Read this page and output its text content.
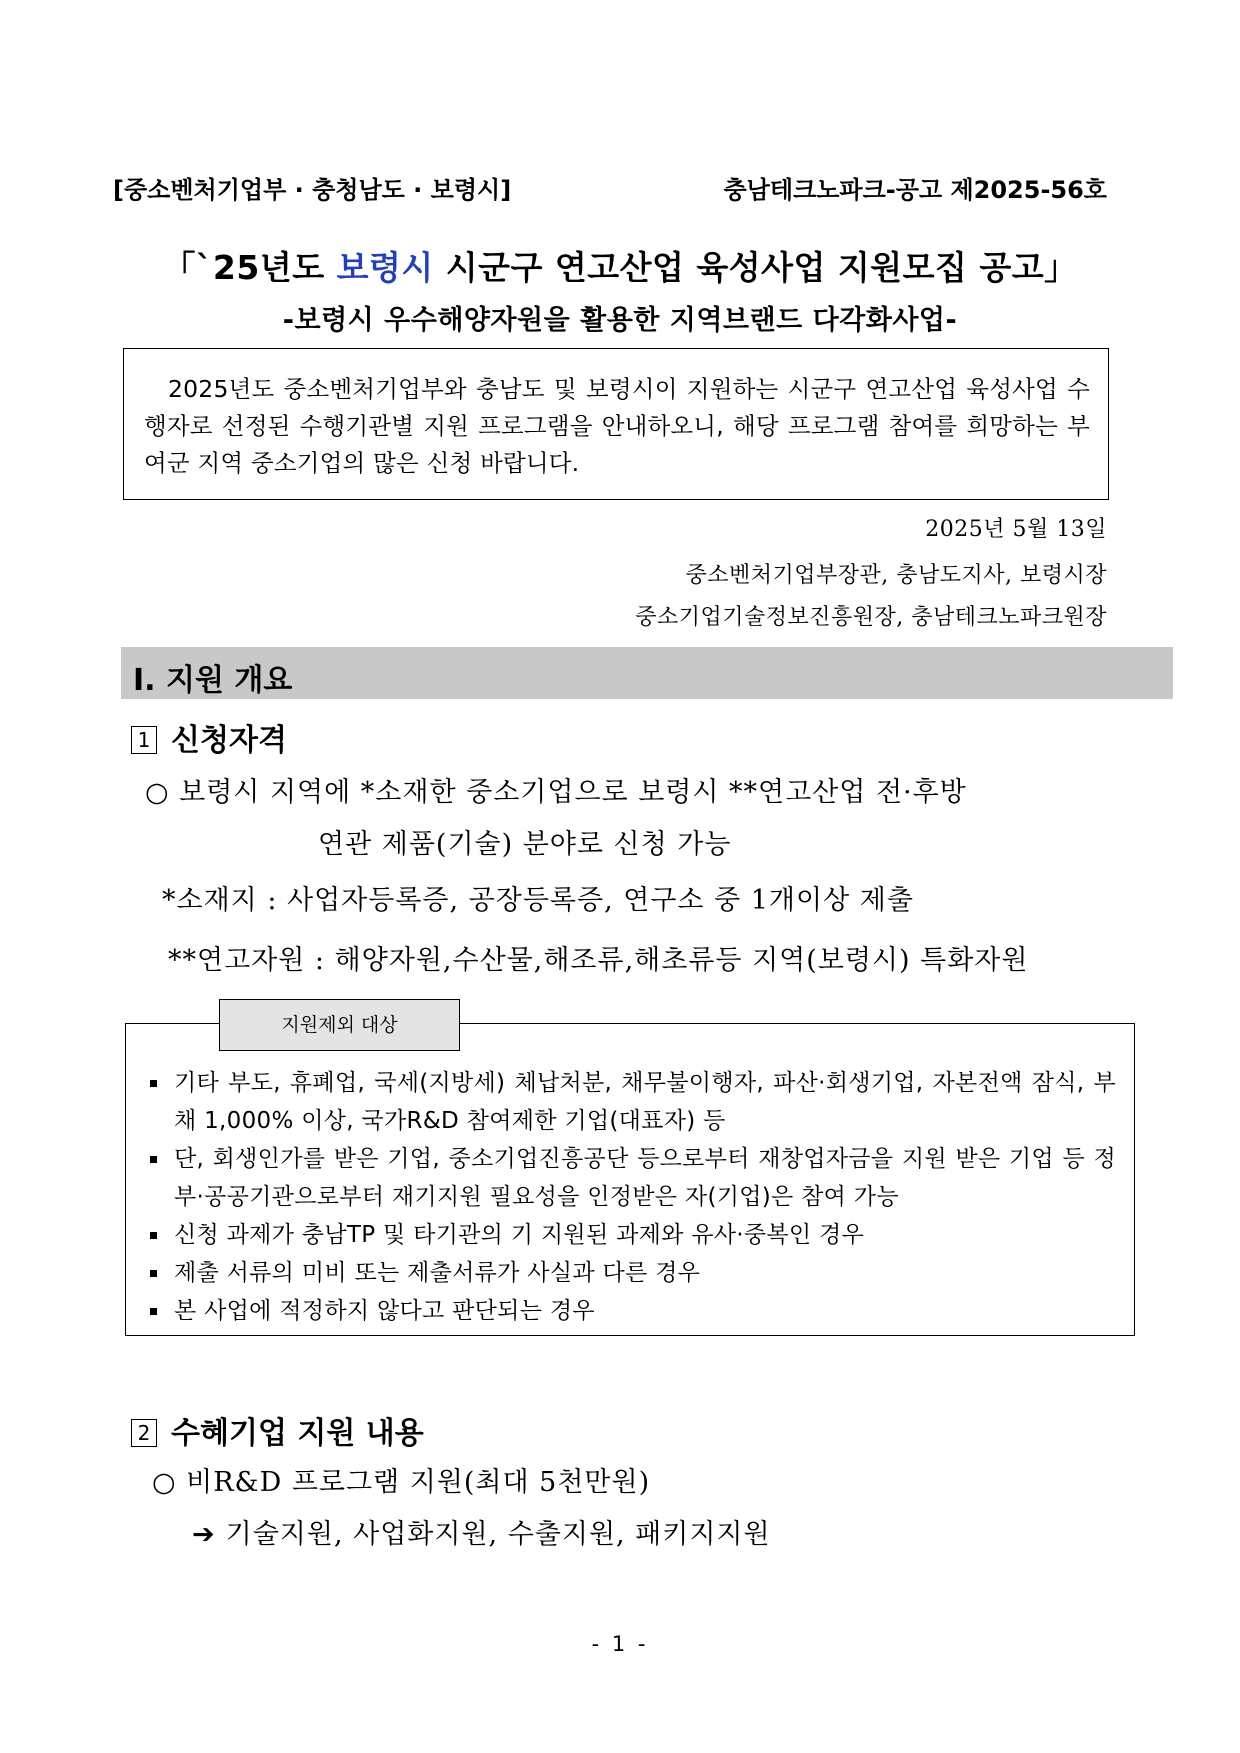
[중소벤처기업부 · 충청남도 · 보령시]	충남테크노파크-공고 제2025-56호
「`25년도 보령시 시군구 연고산업 육성사업 지원모집 공고」
-보령시 우수해양자원을 활용한 지역브랜드 다각화사업-
2025년도 중소벤처기업부와 충남도 및 보령시이 지원하는 시군구 연고산업 육성사업 수행자로 선정된 수행기관별 지원 프로그램을 안내하오니, 해당 프로그램 참여를 희망하는 부여군 지역 중소기업의 많은 신청 바랍니다.
2025년 5월 13일
중소벤처기업부장관, 충남도지사, 보령시장
중소기업기술정보진흥원장, 충남테크노파크원장
Ⅰ. 지원 개요
1 신청자격
○ 보령시 지역에 *소재한 중소기업으로 보령시 **연고산업 전·후방
연관 제품(기술) 분야로 신청 가능
*소재지 : 사업자등록증, 공장등록증, 연구소 중 1개이상 제출
**연고자원 : 해양자원,수산물,해조류,해초류등 지역(보령시) 특화자원
기타 부도, 휴폐업, 국세(지방세) 체납처분, 채무불이행자, 파산·회생기업, 자본전액 잠식, 부채 1,000% 이상, 국가R&D 참여제한 기업(대표자) 등
단, 회생인가를 받은 기업, 중소기업진흥공단 등으로부터 재창업자금을 지원 받은 기업 등 정부·공공기관으로부터 재기지원 필요성을 인정받은 자(기업)은 참여 가능
신청 과제가 충남TP 및 타기관의 기 지원된 과제와 유사·중복인 경우
제출 서류의 미비 또는 제출서류가 사실과 다른 경우
본 사업에 적정하지 않다고 판단되는 경우
지원제외 대상
2 수혜기업 지원 내용
○ 비R&D 프로그램 지원(최대 5천만원)
➔ 기술지원, 사업화지원, 수출지원, 패키지지원
- 1 -
